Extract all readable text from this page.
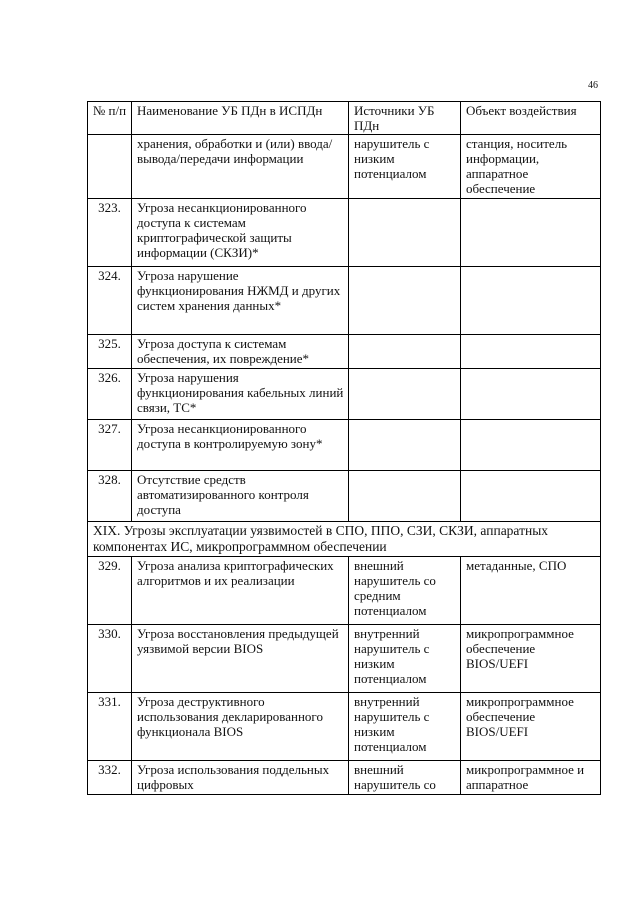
46
№ п/п	Наименование УБ ПДн в ИСПДн	Источники УБ ПДн	Объект воздействия
	хранения, обработки и (или) ввода/вывода/передачи информации	нарушитель с низким потенциалом	станция, носитель информации, аппаратное обеспечение
323.	Угроза несанкционированного доступа к системам криптографической защиты информации (СКЗИ)*		
324.	Угроза нарушение функционирования НЖМД и других систем хранения данных*		
325.	Угроза доступа к системам обеспечения, их повреждение*		
326.	Угроза нарушения функционирования кабельных линий связи, ТС*		
327.	Угроза несанкционированного доступа в контролируемую зону*		
328.	Отсутствие средств автоматизированного контроля доступа		
XIX. Угрозы эксплуатации уязвимостей в СПО, ППО, СЗИ, СКЗИ, аппаратных компонентах ИС, микропрограммном обеспечении			
329.	Угроза анализа криптографических алгоритмов и их реализации	внешний нарушитель со средним потенциалом	метаданные, СПО
330.	Угроза восстановления предыдущей уязвимой версии BIOS	внутренний нарушитель с низким потенциалом	микропрограммное обеспечение BIOS/UEFI
331.	Угроза деструктивного использования декларированного функционала BIOS	внутренний нарушитель с низким потенциалом	микропрограммное обеспечение BIOS/UEFI
332.	Угроза использования поддельных цифровых	внешний нарушитель со	микропрограммное и аппаратное
